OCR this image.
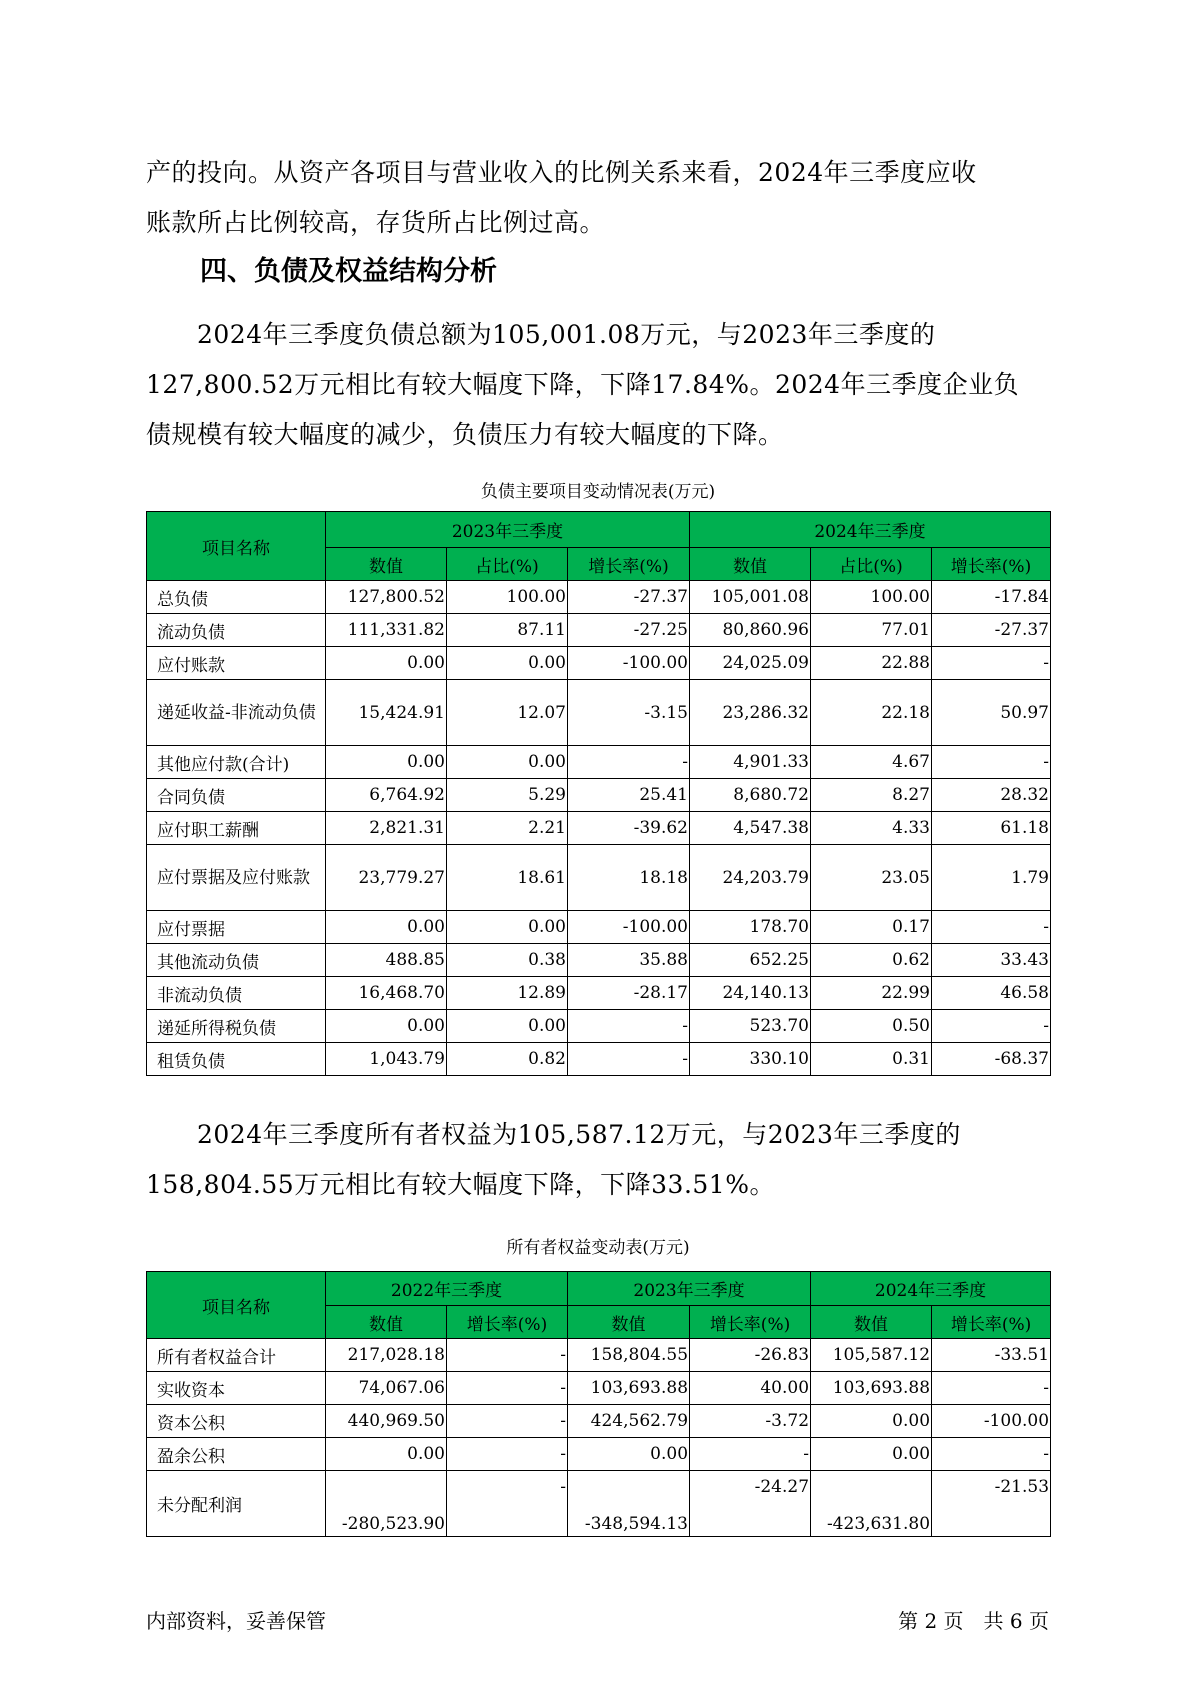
产的投向。从资产各项目与营业收入的比例关系来看，2024年三季度应收

账款所占比例较高，存货所占比例过高。

四、负债及权益结构分析

　　2024年三季度负债总额为105,001.08万元，与2023年三季度的

127,800.52万元相比有较大幅度下降，下降17.84%。2024年三季度企业负

债规模有较大幅度的减少，负债压力有较大幅度的下降。

负债主要项目变动情况表(万元)
项目名称	2023年三季度			2024年三季度		
	数值	占比(%)	增长率(%)	数值	占比(%)	增长率(%)
总负债	127,800.52	100.00	-27.37	105,001.08	100.00	-17.84
流动负债	111,331.82	87.11	-27.25	80,860.96	77.01	-27.37
应付账款	0.00	0.00	-100.00	24,025.09	22.88	-
递延收益-非流动负债	15,424.91	12.07	-3.15	23,286.32	22.18	50.97
其他应付款(合计)	0.00	0.00	-	4,901.33	4.67	-
合同负债	6,764.92	5.29	25.41	8,680.72	8.27	28.32
应付职工薪酬	2,821.31	2.21	-39.62	4,547.38	4.33	61.18
应付票据及应付账款	23,779.27	18.61	18.18	24,203.79	23.05	1.79
应付票据	0.00	0.00	-100.00	178.70	0.17	-
其他流动负债	488.85	0.38	35.88	652.25	0.62	33.43
非流动负债	16,468.70	12.89	-28.17	24,140.13	22.99	46.58
递延所得税负债	0.00	0.00	-	523.70	0.50	-
租赁负债	1,043.79	0.82	-	330.10	0.31	-68.37

　　2024年三季度所有者权益为105,587.12万元，与2023年三季度的

158,804.55万元相比有较大幅度下降，下降33.51%。

所有者权益变动表(万元)
项目名称	2022年三季度		2023年三季度		2024年三季度	
	数值	增长率(%)	数值	增长率(%)	数值	增长率(%)
所有者权益合计	217,028.18	-	158,804.55	-26.83	105,587.12	-33.51
实收资本	74,067.06	-	103,693.88	40.00	103,693.88	-
资本公积	440,969.50	-	424,562.79	-3.72	0.00	-100.00
盈余公积	0.00	-	0.00	-	0.00	-
未分配利润	-280,523.90	-	-348,594.13	-24.27	-423,631.80	-21.53
内部资料，妥善保管	第 2 页　共 6 页
